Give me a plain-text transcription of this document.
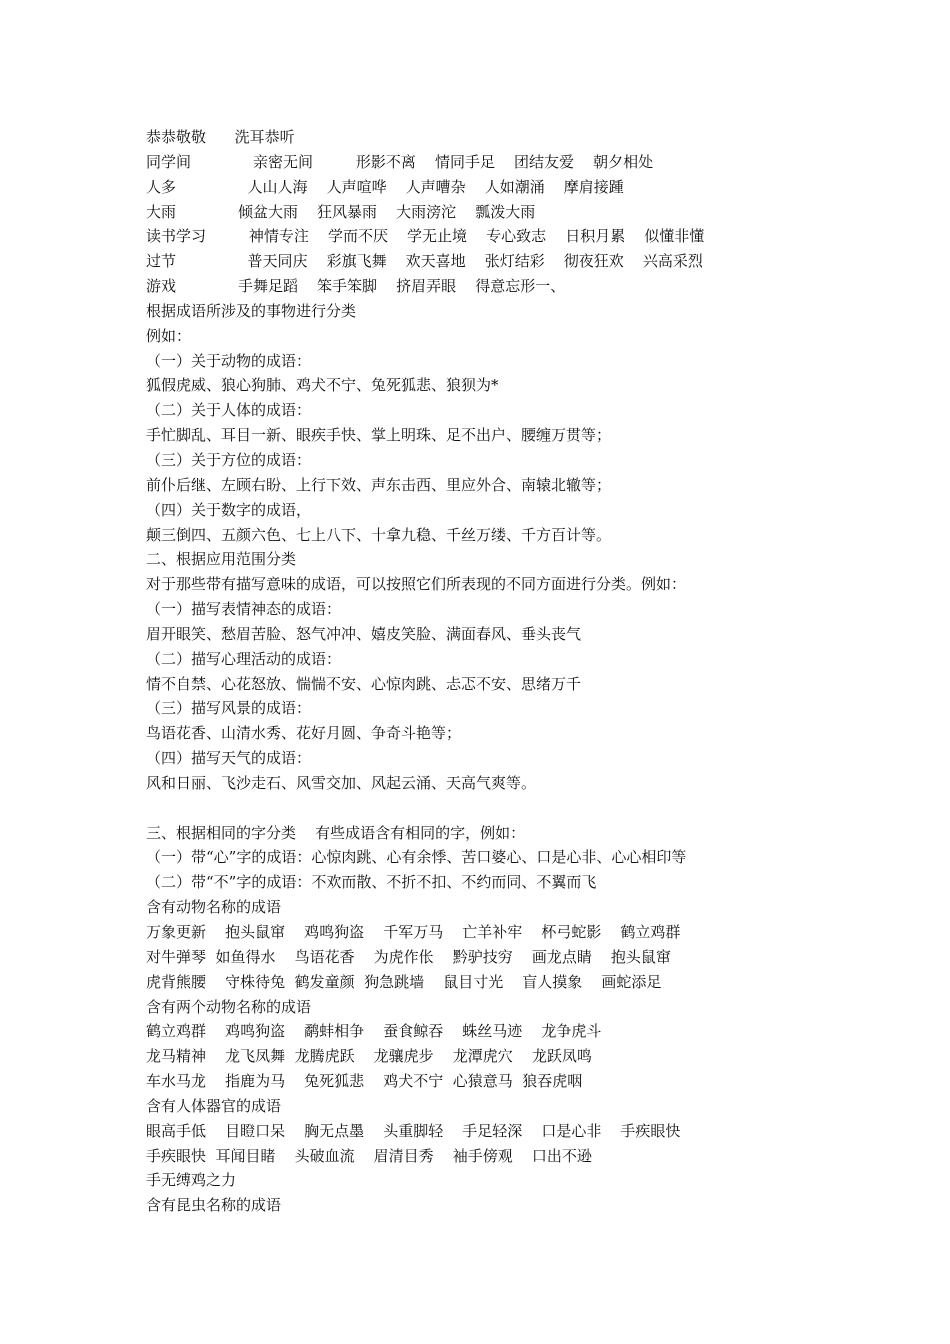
恭恭敬敬      洗耳恭听
同学间             亲密无间         形影不离    情同手足    团结友爱    朝夕相处
人多               人山人海    人声喧哗    人声嘈杂    人如潮涌    摩肩接踵
大雨             倾盆大雨    狂风暴雨    大雨滂沱    瓢泼大雨
读书学习         神情专注    学而不厌    学无止境    专心致志    日积月累    似懂非懂
过节               普天同庆    彩旗飞舞    欢天喜地    张灯结彩    彻夜狂欢    兴高采烈
游戏             手舞足蹈    笨手笨脚    挤眉弄眼    得意忘形一、
根据成语所涉及的事物进行分类
例如：
（一）关于动物的成语：
狐假虎威、狼心狗肺、鸡犬不宁、兔死狐悲、狼狈为*
（二）关于人体的成语：
手忙脚乱、耳目一新、眼疾手快、掌上明珠、足不出户、腰缠万贯等；
（三）关于方位的成语：
前仆后继、左顾右盼、上行下效、声东击西、里应外合、南辕北辙等；
（四）关于数字的成语，
颠三倒四、五颜六色、七上八下、十拿九稳、千丝万缕、千方百计等。
二、根据应用范围分类
对于那些带有描写意味的成语，可以按照它们所表现的不同方面进行分类。例如：
（一）描写表情神态的成语：
眉开眼笑、愁眉苦脸、怒气冲冲、嬉皮笑脸、满面春风、垂头丧气
（二）描写心理活动的成语：
情不自禁、心花怒放、惴惴不安、心惊肉跳、忐忑不安、思绪万千
（三）描写风景的成语：
鸟语花香、山清水秀、花好月圆、争奇斗艳等；
（四）描写天气的成语：
风和日丽、飞沙走石、风雪交加、风起云涌、天高气爽等。
三、根据相同的字分类    有些成语含有相同的字，例如：
（一）带“心”字的成语：心惊肉跳、心有余悸、苦口婆心、口是心非、心心相印等
（二）带“不”字的成语：不欢而散、不折不扣、不约而同、不翼而飞
含有动物名称的成语
万象更新    抱头鼠窜    鸡鸣狗盗    千军万马    亡羊补牢    杯弓蛇影    鹤立鸡群
对牛弹琴  如鱼得水    鸟语花香    为虎作伥    黔驴技穷    画龙点睛    抱头鼠窜
虎背熊腰    守株待兔  鹤发童颜  狗急跳墙    鼠目寸光    盲人摸象    画蛇添足
含有两个动物名称的成语
鹤立鸡群    鸡鸣狗盗    鹬蚌相争    蚕食鲸吞    蛛丝马迹    龙争虎斗
龙马精神    龙飞凤舞  龙腾虎跃    龙骧虎步    龙潭虎穴    龙跃凤鸣
车水马龙    指鹿为马    兔死狐悲    鸡犬不宁  心猿意马  狼吞虎咽
含有人体器官的成语
眼高手低    目瞪口呆    胸无点墨    头重脚轻    手足轻深    口是心非    手疾眼快
手疾眼快  耳闻目睹    头破血流    眉清目秀    袖手傍观    口出不逊
手无缚鸡之力
含有昆虫名称的成语
